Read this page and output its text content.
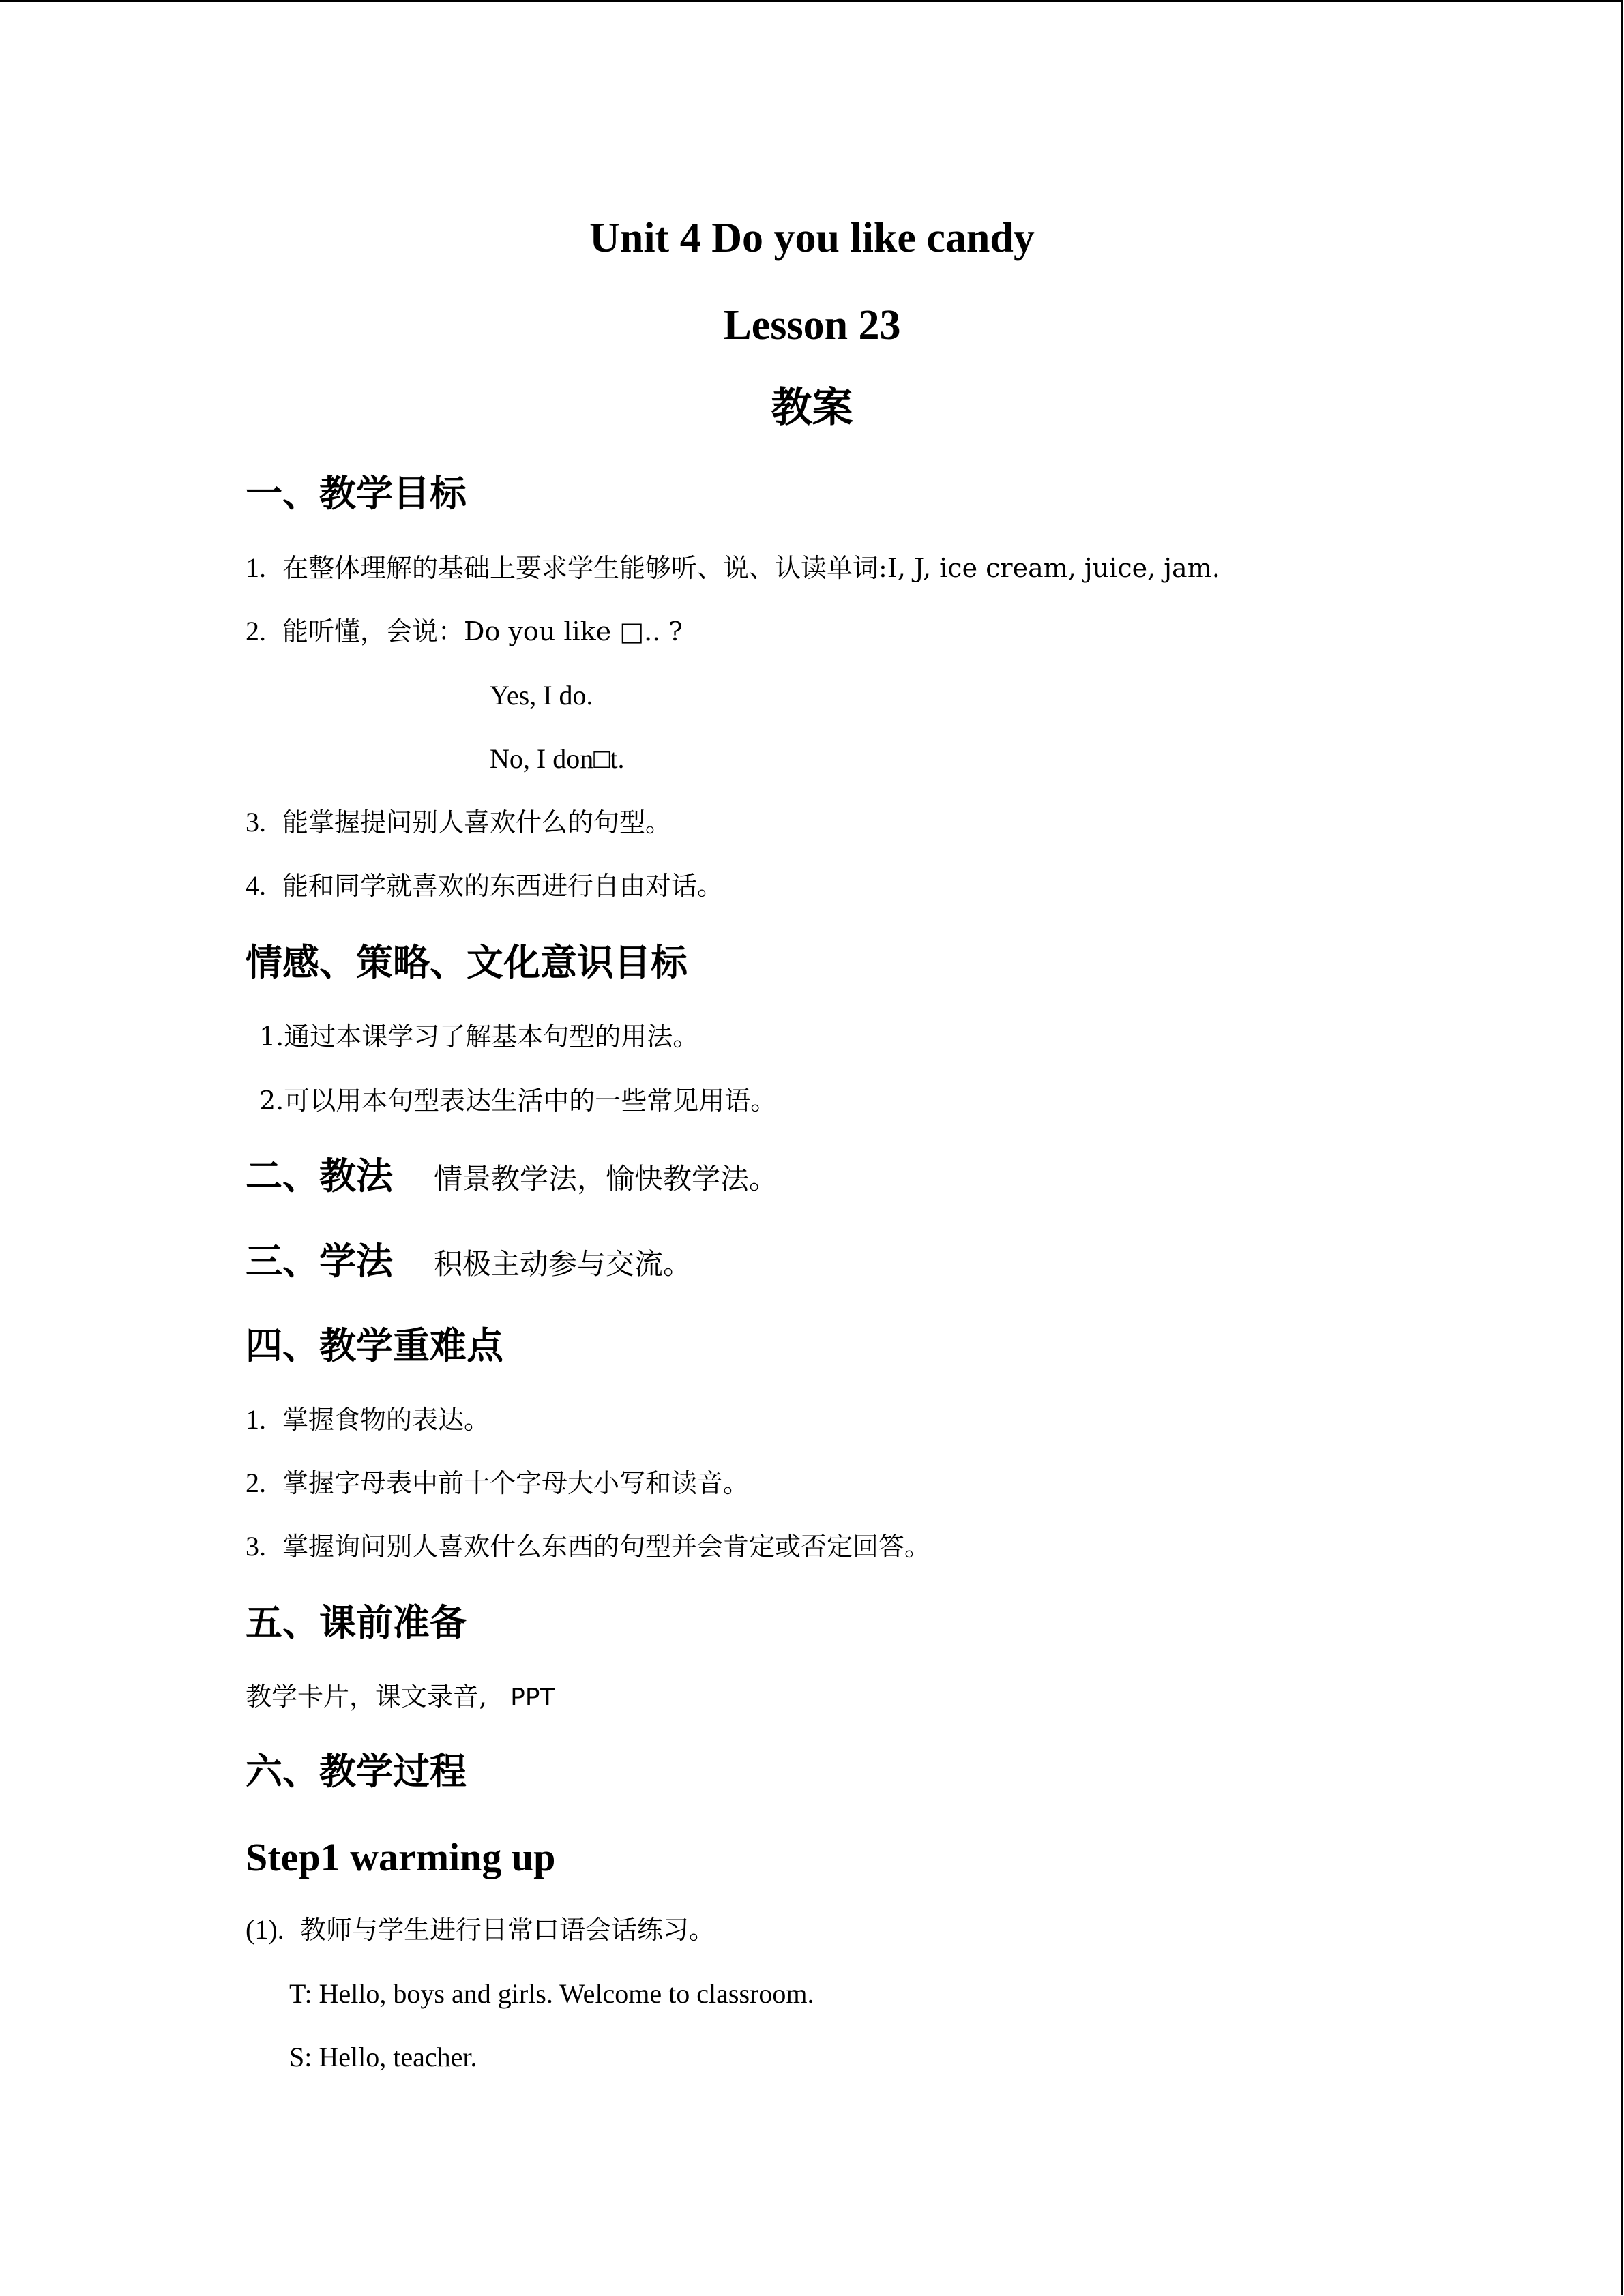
Unit 4 Do you like candy
Lesson 23
教案
一、教学目标
1. 在整体理解的基础上要求学生能够听、说、认读单词:I, J, ice cream, juice, jam.
2. 能听懂，会说：Do you like □.. ?
Yes, I do.
No, I don□t.
3. 能掌握提问别人喜欢什么的句型。
4. 能和同学就喜欢的东西进行自由对话。
情感、策略、文化意识目标
1.通过本课学习了解基本句型的用法。
2.可以用本句型表达生活中的一些常见用语。
二、教法 情景教学法，愉快教学法。
三、学法 积极主动参与交流。
四、教学重难点
1. 掌握食物的表达。
2. 掌握字母表中前十个字母大小写和读音。
3. 掌握询问别人喜欢什么东西的句型并会肯定或否定回答。
五、课前准备
教学卡片，课文录音, PPT
六、教学过程
Step1 warming up
(1). 教师与学生进行日常口语会话练习。
T: Hello, boys and girls. Welcome to classroom.
S: Hello, teacher.
